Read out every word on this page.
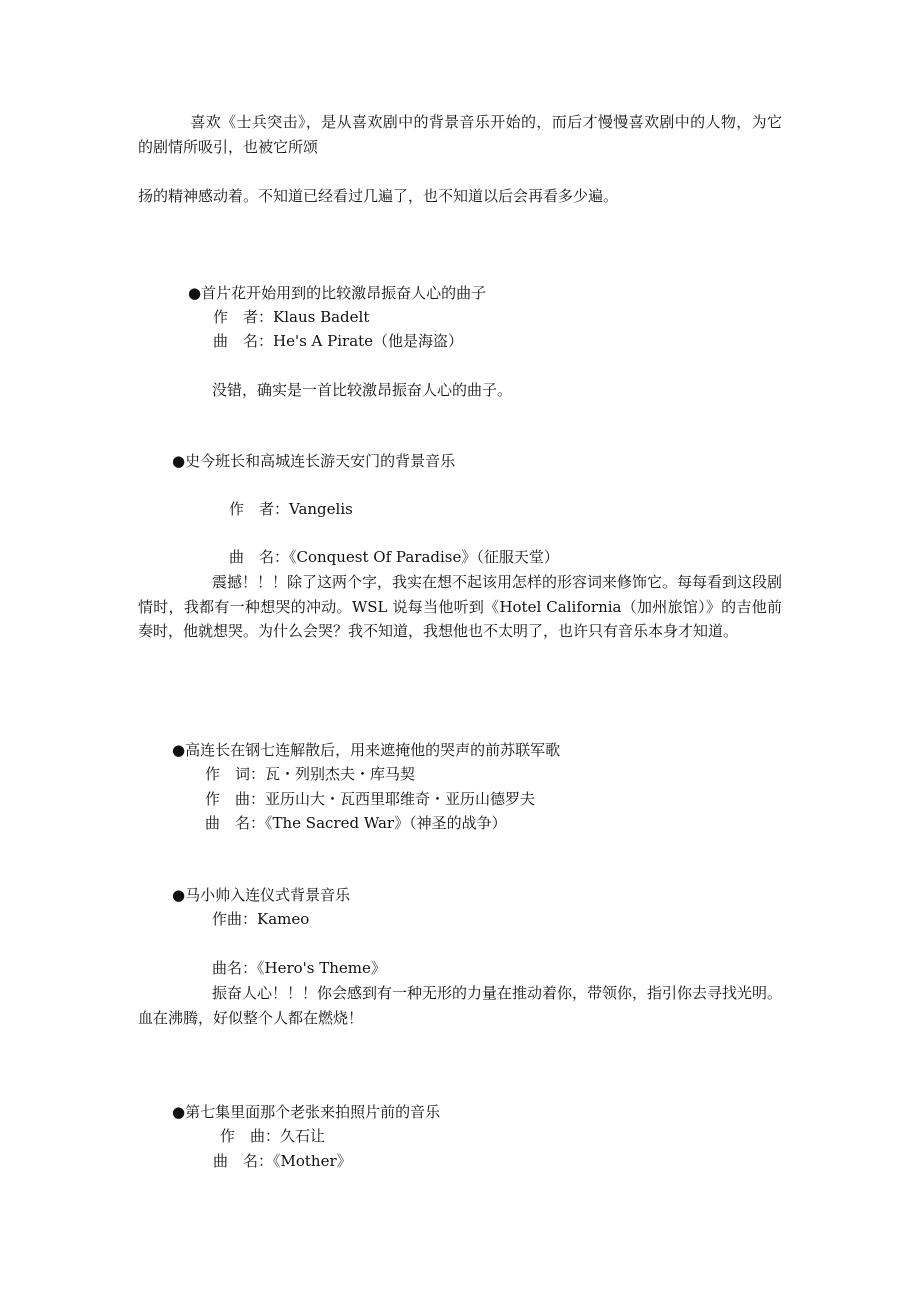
喜欢《士兵突击》，是从喜欢剧中的背景音乐开始的，而后才慢慢喜欢剧中的人物，为它的剧情所吸引，也被它所颂
扬的精神感动着。不知道已经看过几遍了，也不知道以后会再看多少遍。
●首片花开始用到的比较激昂振奋人心的曲子
作　者：Klaus Badelt
曲　名：He's A Pirate（他是海盗）
没错，确实是一首比较激昂振奋人心的曲子。
●史今班长和高城连长游天安门的背景音乐
作　者：Vangelis
曲　名：《Conquest Of Paradise》（征服天堂）
震撼！！！除了这两个字，我实在想不起该用怎样的形容词来修饰它。每每看到这段剧情时，我都有一种想哭的冲动。WSL 说每当他听到《Hotel California（加州旅馆）》的吉他前奏时，他就想哭。为什么会哭？我不知道，我想他也不太明了，也许只有音乐本身才知道。
●高连长在钢七连解散后，用来遮掩他的哭声的前苏联军歌
作　词：瓦・列别杰夫・库马契
作　曲：亚历山大・瓦西里耶维奇・亚历山德罗夫
曲　名：《The Sacred War》（神圣的战争）
●马小帅入连仪式背景音乐
作曲：Kameo
曲名：《Hero's Theme》
振奋人心！！！你会感到有一种无形的力量在推动着你，带领你，指引你去寻找光明。血在沸腾，好似整个人都在燃烧！
●第七集里面那个老张来拍照片前的音乐
作　曲：久石让
曲　名：《Mother》
